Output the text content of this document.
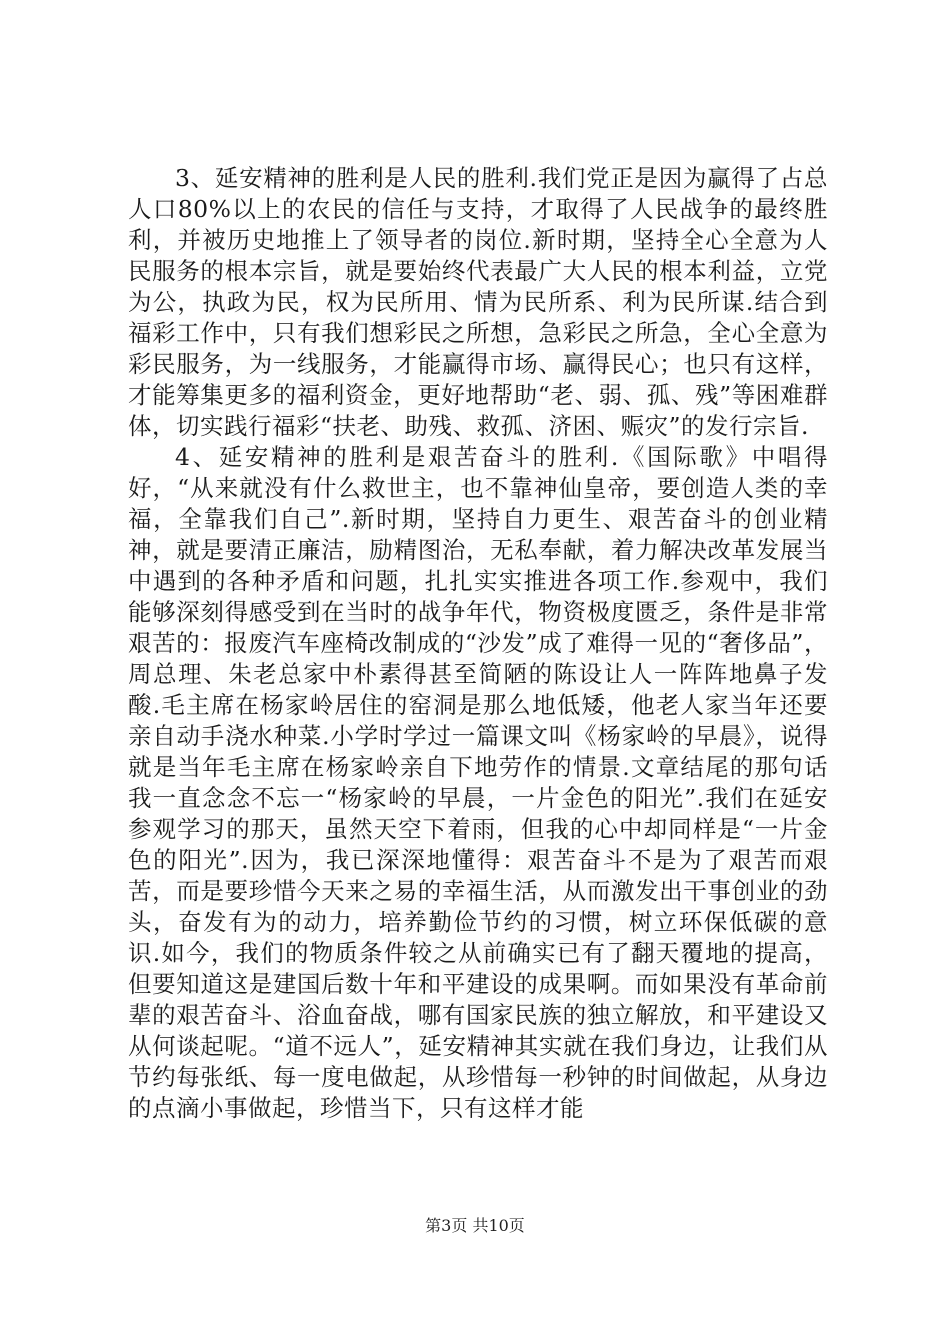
3、延安精神的胜利是人民的胜利.我们党正是因为赢得了占总人口80%以上的农民的信任与支持，才取得了人民战争的最终胜利，并被历史地推上了领导者的岗位.新时期，坚持全心全意为人民服务的根本宗旨，就是要始终代表最广大人民的根本利益，立党为公，执政为民，权为民所用、情为民所系、利为民所谋.结合到福彩工作中，只有我们想彩民之所想，急彩民之所急，全心全意为彩民服务，为一线服务，才能赢得市场、赢得民心；也只有这样，才能筹集更多的福利资金，更好地帮助“老、弱、孤、残”等困难群体，切实践行福彩“扶老、助残、救孤、济困、赈灾”的发行宗旨.

4、延安精神的胜利是艰苦奋斗的胜利.《国际歌》中唱得好，“从来就没有什么救世主，也不靠神仙皇帝，要创造人类的幸福，全靠我们自己”.新时期，坚持自力更生、艰苦奋斗的创业精神，就是要清正廉洁，励精图治，无私奉献，着力解决改革发展当中遇到的各种矛盾和问题，扎扎实实推进各项工作.参观中，我们能够深刻得感受到在当时的战争年代，物资极度匮乏，条件是非常艰苦的：报废汽车座椅改制成的“沙发”成了难得一见的“奢侈品”，周总理、朱老总家中朴素得甚至简陋的陈设让人一阵阵地鼻子发酸.毛主席在杨家岭居住的窑洞是那么地低矮，他老人家当年还要亲自动手浇水种菜.小学时学过一篇课文叫《杨家岭的早晨》，说得就是当年毛主席在杨家岭亲自下地劳作的情景.文章结尾的那句话我一直念念不忘一“杨家岭的早晨，一片金色的阳光”.我们在延安参观学习的那天，虽然天空下着雨，但我的心中却同样是“一片金色的阳光”.因为，我已深深地懂得：艰苦奋斗不是为了艰苦而艰苦，而是要珍惜今天来之易的幸福生活，从而激发出干事创业的劲头，奋发有为的动力，培养勤俭节约的习惯，树立环保低碳的意识.如今，我们的物质条件较之从前确实已有了翻天覆地的提高，但要知道这是建国后数十年和平建设的成果啊。而如果没有革命前辈的艰苦奋斗、浴血奋战，哪有国家民族的独立解放，和平建设又从何谈起呢。“道不远人”，延安精神其实就在我们身边，让我们从节约每张纸、每一度电做起，从珍惜每一秒钟的时间做起，从身边的点滴小事做起，珍惜当下，只有这样才能

第3页 共10页
